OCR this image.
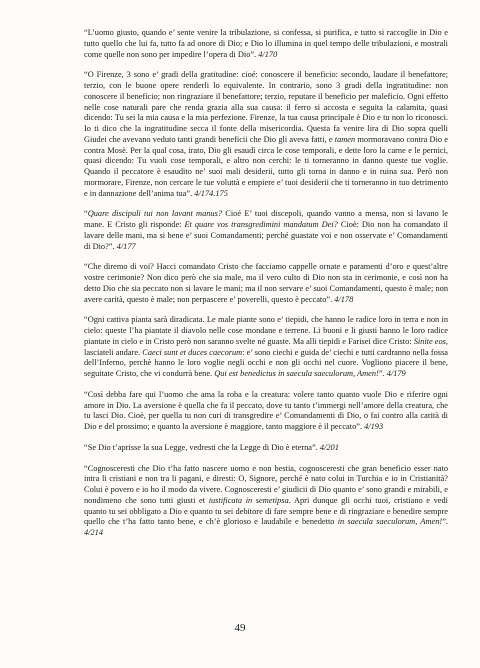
“L’uomo giusto, quando e’ sente venire la tribulazione, si confessa, si purifica, e tutto si raccoglie in Dio e tutto quello che lui fa, tutto fa ad onore di Dio; e Dio lo illumina in quel tempo delle tribulazioni, e mostrali come quelle non sono per impedire l’opera di Dio”. 4/170

“O Firenze, 3 sono e’ gradi della gratitudine: cioé: conoscere il beneficio: secondo, laudare il benefattore; terzio, con le buone opere renderli lo equivalente. In contrario, sono 3 gradi della ingratitudine: non conoscere il beneficio; non ringraziare il benefattore; terzio, reputare il beneficio per maleficio. Ogni effetto nelle cose naturali pare che renda grazia alla sua causa: il ferro si accosta e seguita la calamita, quasi dicendo: Tu sei la mia causa e la mia perfezione. Firenze, la tua causa principale è Dio e tu non lo riconosci. Io ti dico che la ingratitudine secca il fonte della misericordia. Questa fa venire lira di Dio sopra quelli Giudei che avevano veduto tanti grandi beneficii che Dio gli aveva fatti, e tamen mormoravano contra Dio e contra Mosè. Per la qual cosa, irato, Dio gli esaudì circa le cose temporali, e dette loro la carne e le pernici, quasi dicendo: Tu vuoli cose temporali, e altro non cerchi: le ti torneranno in danno queste tue voglie. Quando il peccatore è esaudito ne’ suoi mali desiderii, tutto gli torna in danno e in ruina sua. Però non mormorare, Firenze, non cercare le tue voluttà e empiere e’ tuoi desiderii che ti torneranno in tuo detrimento e in dannazione dell’anima tua”. 4/174.175

“Quare discipuli tui non lavant manus? Cioé E’ tuoi discepoli, quando vanno a mensa, non si lavano le mane. E Cristo gli risponde: Et quare vos transgredimini mandatum Dei? Cioè: Dio non ha comandato il lavare delle mani, ma si bene e’ suoi Comandamenti; perché guastate voi e non osservate e’ Comandamenti di Dio?”. 4/177

“Che diremo di voi? Hacci comandato Cristo che facciamo cappelle ornate e paramenti d’oro e quest’altre vostre cerimonie? Non dico però che sia male, ma il vero culto di Dio non sta in cerimonie, e così non ha detto Dio che sia peccato non si lavare le mani; ma il non servare e’ suoi Comandamenti, questo è male; non avere carità, questo è male; non perpascere e’ poverelli, questo è peccato”. 4/178

“Ogni cattiva pianta sarà diradicata. Le male piante sono e’ tiepidi, che hanno le radice loro in terra e non in cielo: queste l’ha piantate il diavolo nelle cose mondane e terrene. Li buoni e li giusti hanno le loro radice piantate in cielo e in Cristo però non saranno svelte né guaste. Ma alli tiepidi e Farisei dice Cristo: Sinite eos, lasciateli andare. Caeci sunt et duces caecorum: e’ sono ciechi e guida de’ ciechi e tutti cardranno nella fossa dell’Inferno, perchè hanno le loro voglie negli occhi e non gli occhi nel cuore. Vogliono piacere il bene, seguitate Cristo, che vi condurrà bene. Qui est benedictus in saecula saeculorum, Amen!”. 4/179

“Così debba fare qui l’uomo che ama la roba e la creatura: volere tanto quanto vuole Dio e riferire ogni amore in Dio. La aversione è quella che fa il peccato, dove tu tanto t’immergi nell’amore della creatura, che tu lasci Dio. Cioè, per quella tu non curi di transgredire e’ Comandamenti di Dio, o fai contro alla carità di Dio e del prossimo; e quanto la aversione è maggiore, tanto maggiore è il peccato”. 4/193

“Se Dio t’aprisse la sua Legge, vedresti che la Legge di Dio è eterna”. 4/201

“Cognosceresti che Dio t’ha fatto nascere uomo e non bestia, cognosceresti che gran beneficio esser nato intra li cristiani e non tra li pagani, e diresti: O, Signore, perché è nato colui in Turchia e io in Cristianità? Colui è povero e io ho il modo da vivere. Cognosceresti e’ giudicii di Dio quanto e’ sono grandi e mirabili, e nondimeno che sono tutti giusti et iustificata in semetipsa. Apri dunque gli occhi tuoi, cristiano e vedi quanto tu sei obbligato a Dio e quanto tu sei debitore di fare sempre bene e di ringraziare e benedire sempre quello che t’ha fatto tanto bene, e ch’è glorioso e laudabile e benedetto in saecula saeculorum, Amen!”. 4/214

49
